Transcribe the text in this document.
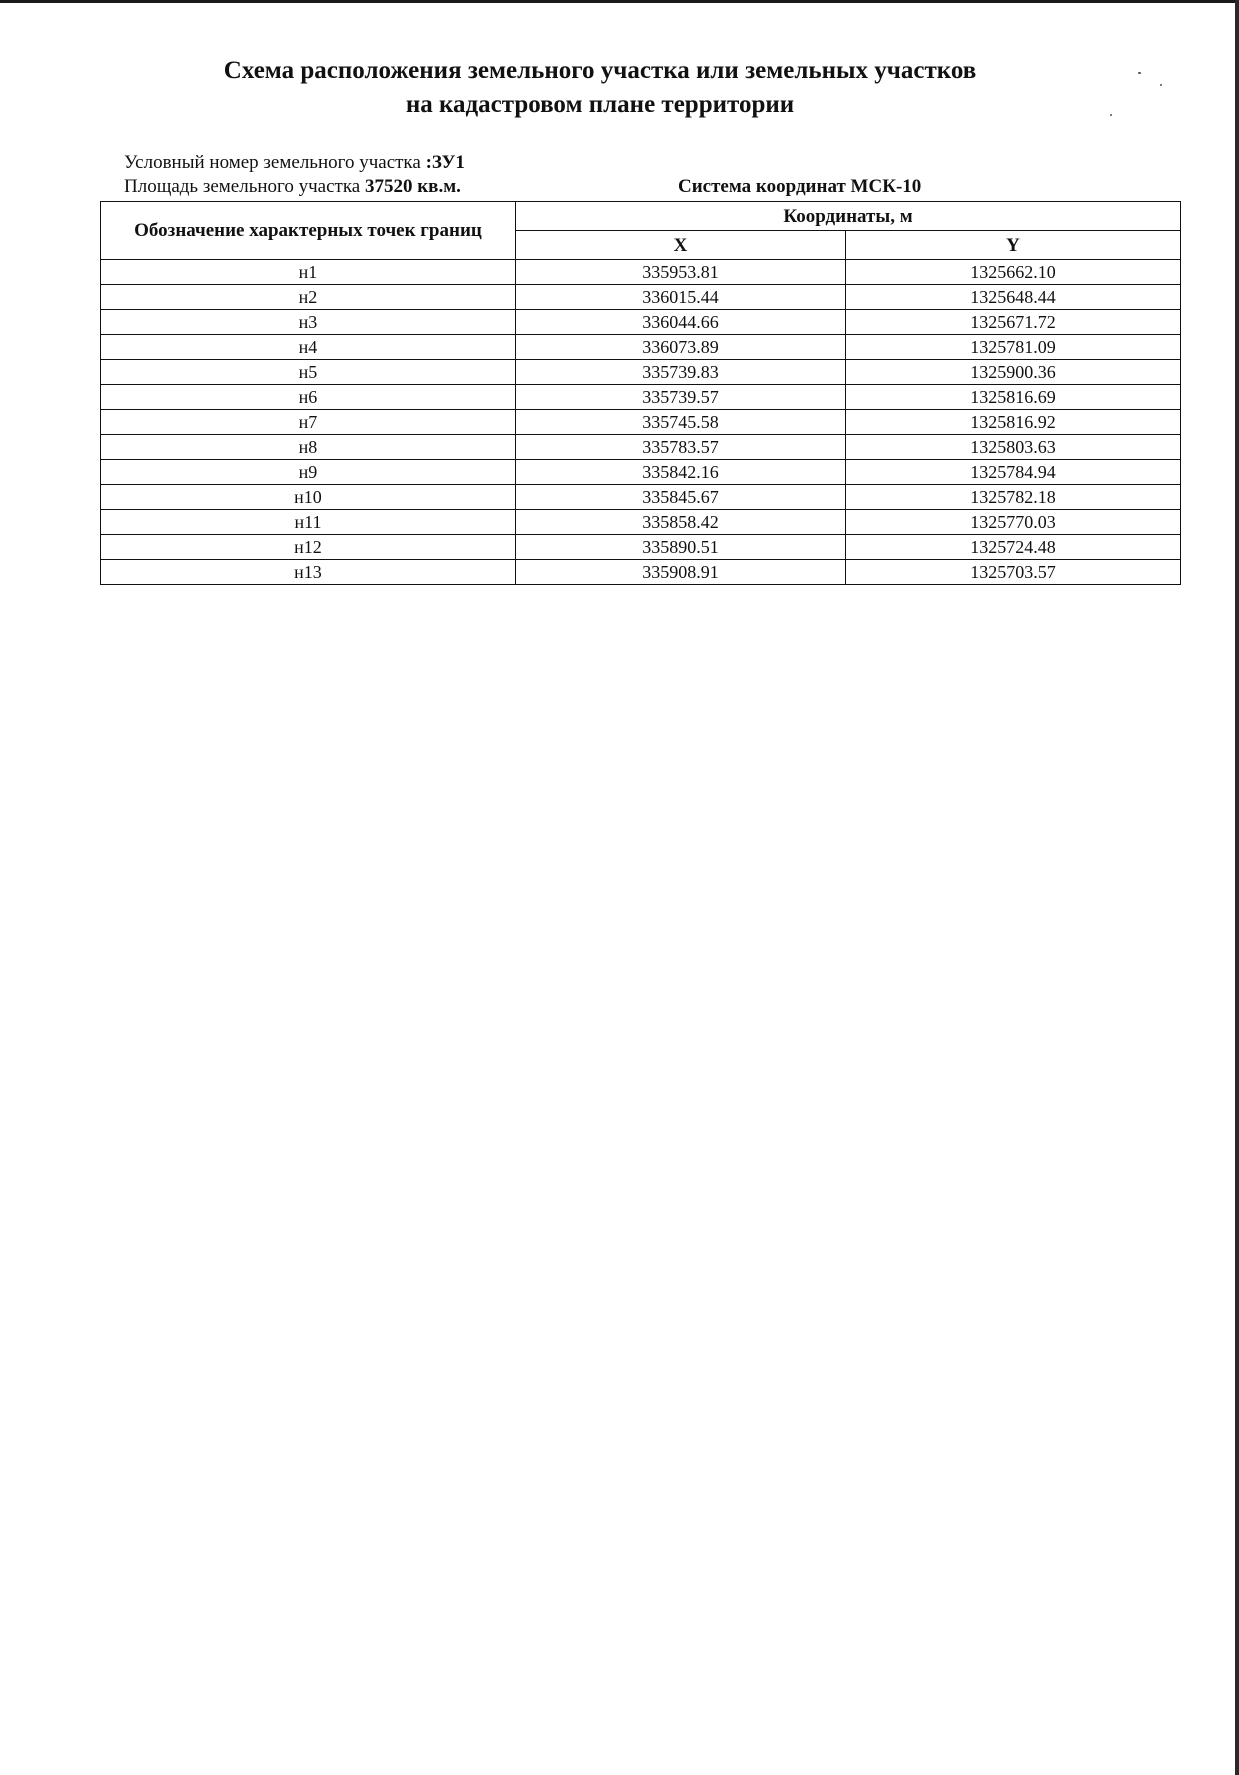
Схема расположения земельного участка или земельных участков
на кадастровом плане территории
Условный номер земельного участка :ЗУ1
Площадь земельного участка 37520 кв.м.	Система координат МСК-10
Обозначение характерных точек границ	Координаты, м	
	X	Y
н1	335953.81	1325662.10
н2	336015.44	1325648.44
н3	336044.66	1325671.72
н4	336073.89	1325781.09
н5	335739.83	1325900.36
н6	335739.57	1325816.69
н7	335745.58	1325816.92
н8	335783.57	1325803.63
н9	335842.16	1325784.94
н10	335845.67	1325782.18
н11	335858.42	1325770.03
н12	335890.51	1325724.48
н13	335908.91	1325703.57
